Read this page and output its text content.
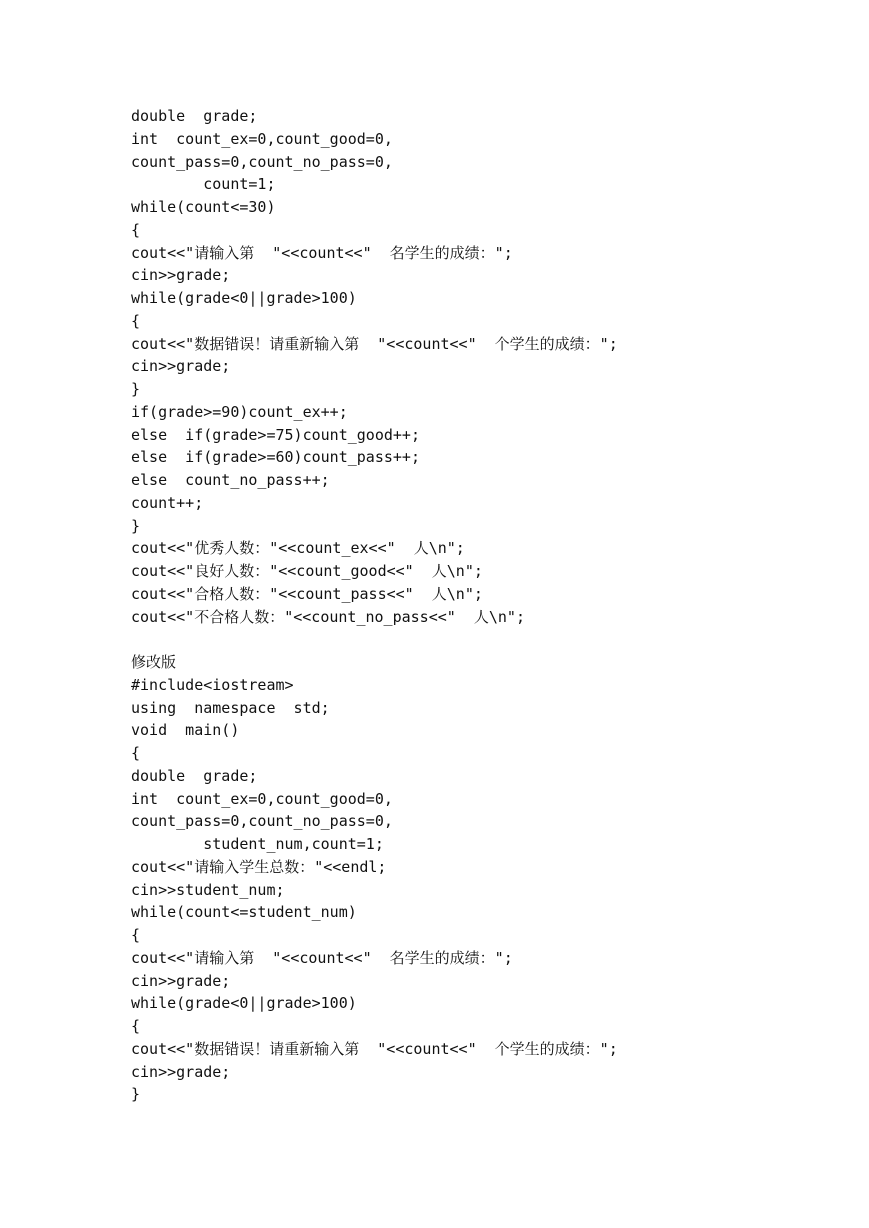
double  grade;
int  count_ex=0,count_good=0,
count_pass=0,count_no_pass=0,
count=1;
while(count<=30)
{
cout<<"请输入第  "<<count<<"  名学生的成绩：";
cin>>grade;
while(grade<0||grade>100)
{
cout<<"数据错误！请重新输入第  "<<count<<"  个学生的成绩：";
cin>>grade;
}
if(grade>=90)count_ex++;
else  if(grade>=75)count_good++;
else  if(grade>=60)count_pass++;
else  count_no_pass++;
count++;
}
cout<<"优秀人数："<<count_ex<<"  人\n";
cout<<"良好人数："<<count_good<<"  人\n";
cout<<"合格人数："<<count_pass<<"  人\n";
cout<<"不合格人数："<<count_no_pass<<"  人\n";
修改版
#include<iostream>
using  namespace  std;
void  main()
{
double  grade;
int  count_ex=0,count_good=0,
count_pass=0,count_no_pass=0,
student_num,count=1;
cout<<"请输入学生总数："<<endl;
cin>>student_num;
while(count<=student_num)
{
cout<<"请输入第  "<<count<<"  名学生的成绩：";
cin>>grade;
while(grade<0||grade>100)
{
cout<<"数据错误！请重新输入第  "<<count<<"  个学生的成绩：";
cin>>grade;
}
